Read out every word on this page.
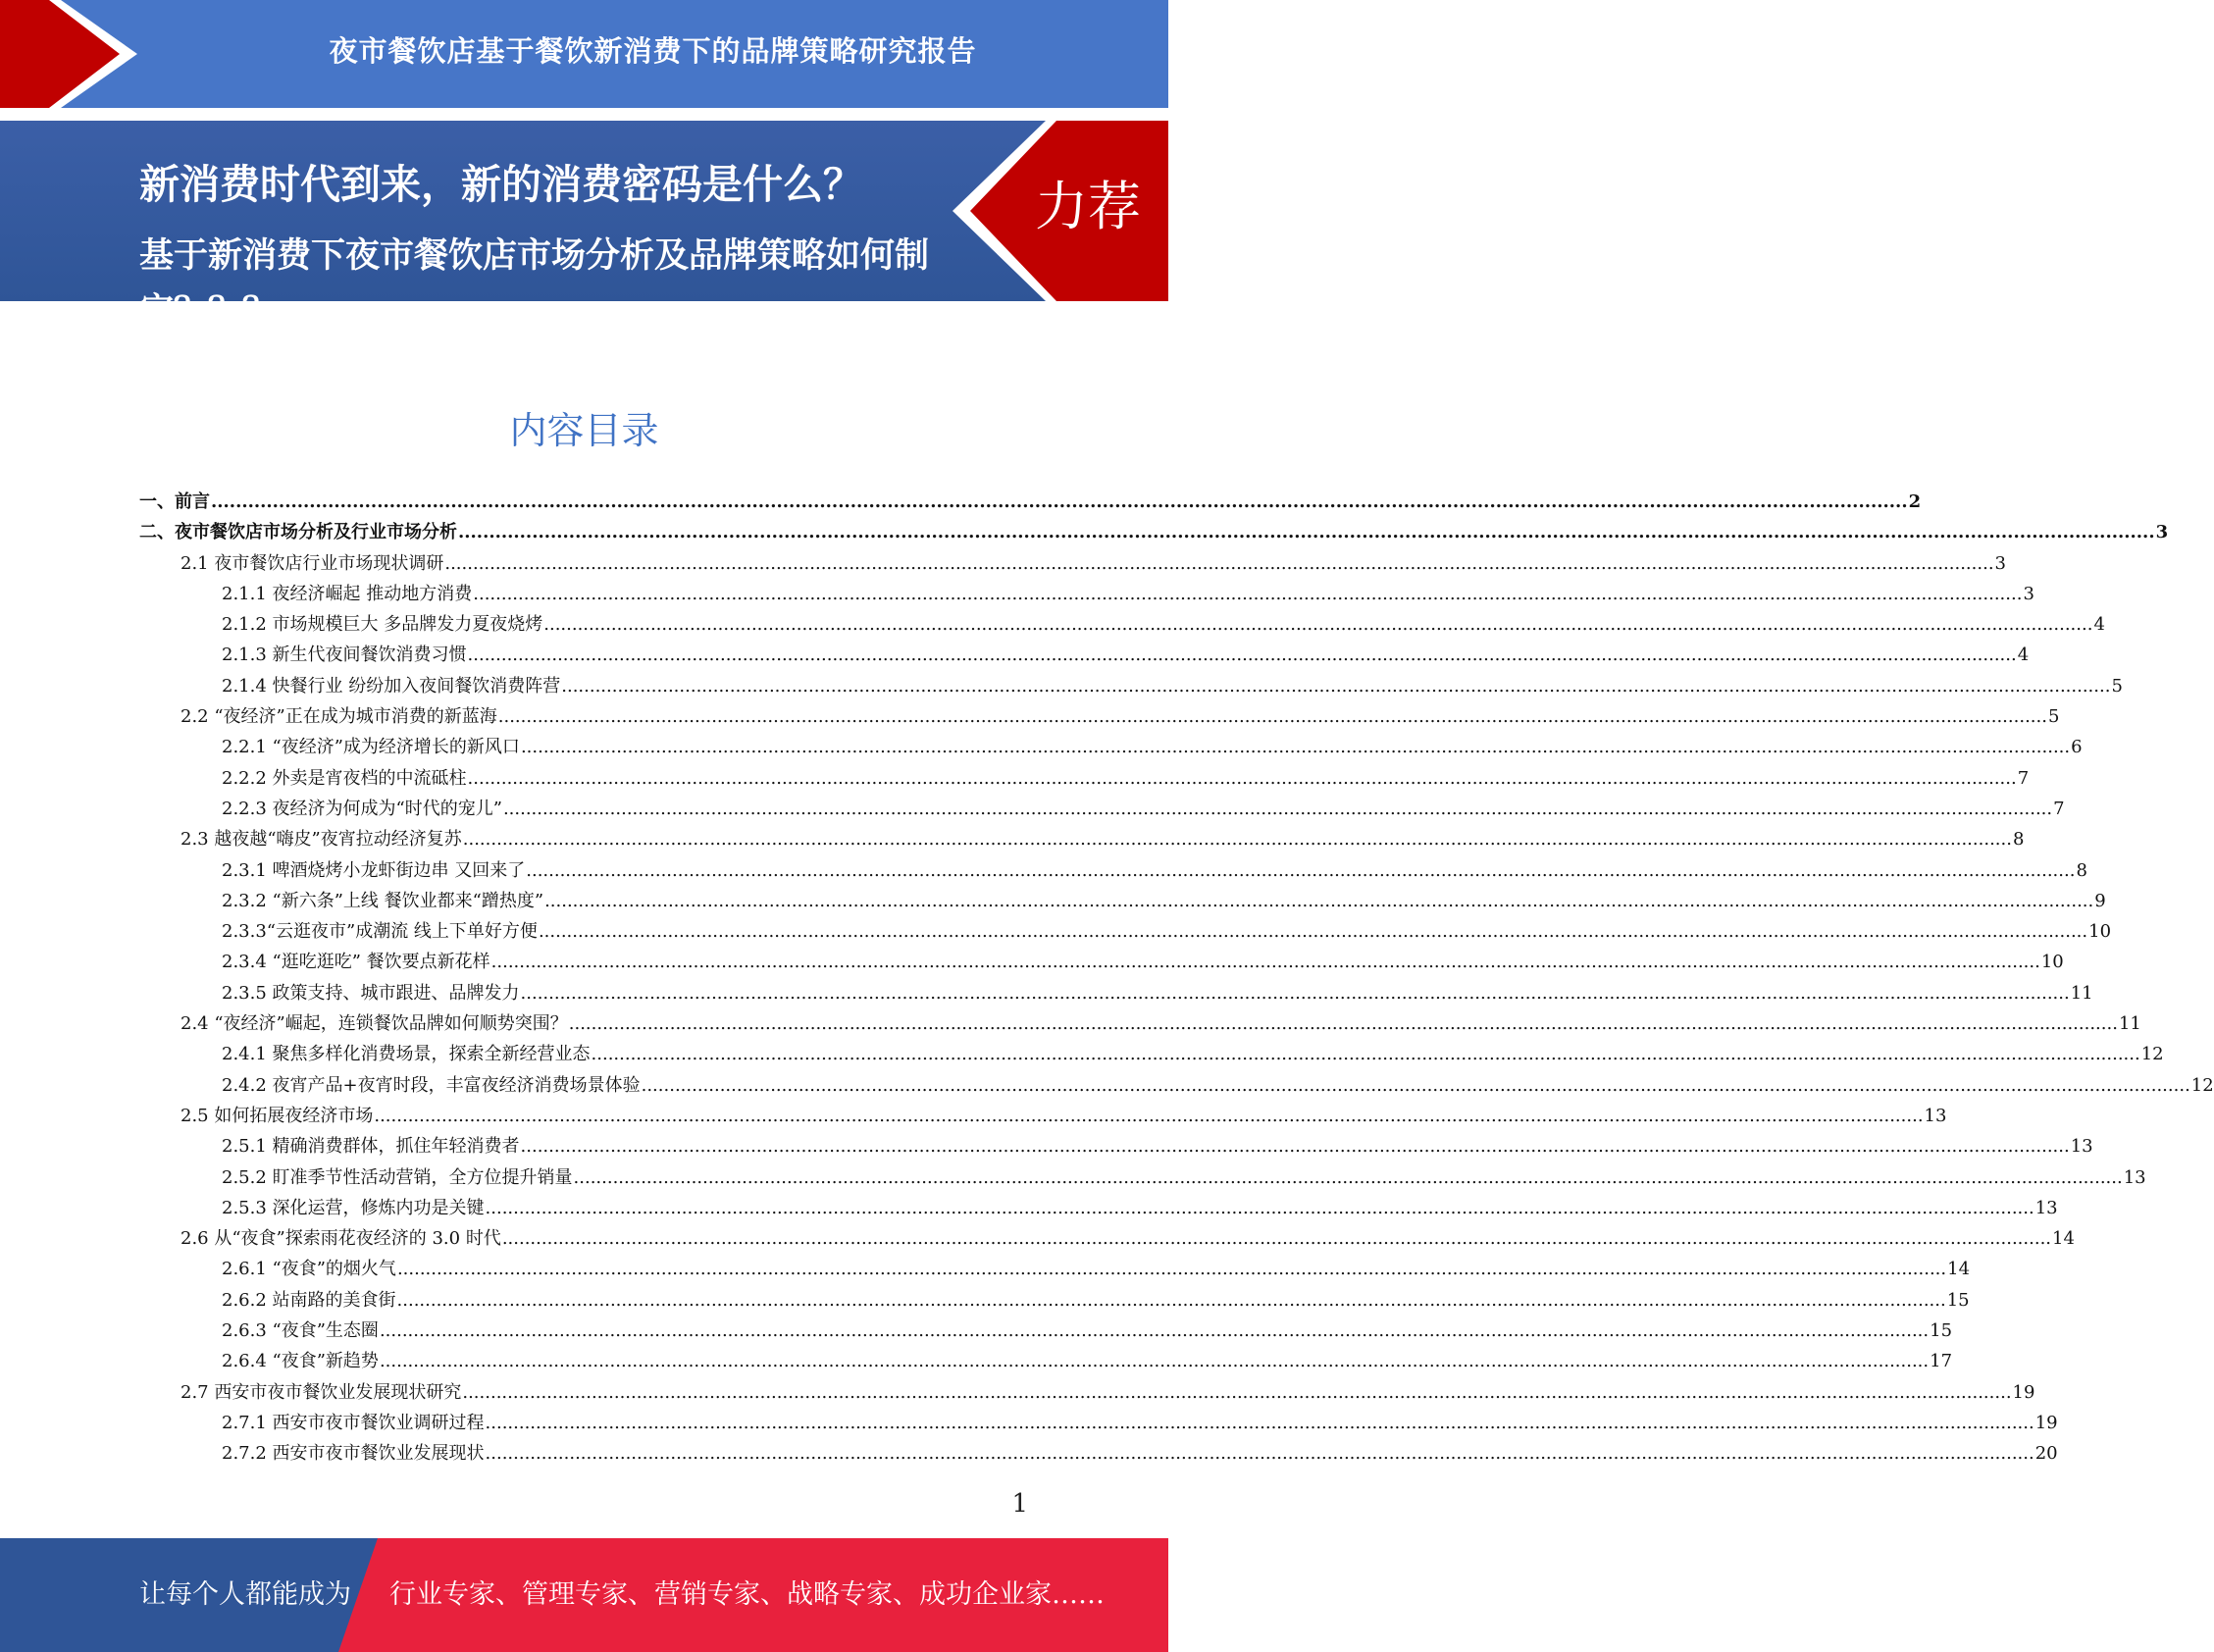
夜市餐饮店基于餐饮新消费下的品牌策略研究报告
新消费时代到来，新的消费密码是什么？
基于新消费下夜市餐饮店市场分析及品牌策略如何制定？？？
力荐
内容目录
一、前言 .....	2
二、夜市餐饮店市场分析及行业市场分析 .....	3
2.1 夜市餐饮店行业市场现状调研 .....	3
2.1.1 夜经济崛起 推动地方消费 .....	3
2.1.2 市场规模巨大 多品牌发力夏夜烧烤 .....	4
2.1.3 新生代夜间餐饮消费习惯 .....	4
2.1.4 快餐行业 纷纷加入夜间餐饮消费阵营 .....	5
2.2 “夜经济”正在成为城市消费的新蓝海 .....	5
2.2.1 “夜经济”成为经济增长的新风口 .....	6
2.2.2 外卖是宵夜档的中流砥柱 .....	7
2.2.3 夜经济为何成为“时代的宠儿” .....	7
2.3 越夜越“嗨皮”夜宵拉动经济复苏 .....	8
2.3.1 啤酒烧烤小龙虾街边串 又回来了 .....	8
2.3.2 “新六条”上线 餐饮业都来“蹭热度” .....	9
2.3.3“云逛夜市”成潮流 线上下单好方便 .....	10
2.3.4 “逛吃逛吃” 餐饮要点新花样 .....	10
2.3.5 政策支持、城市跟进、品牌发力 .....	11
2.4 “夜经济”崛起，连锁餐饮品牌如何顺势突围？ .....	11
2.4.1 聚焦多样化消费场景，探索全新经营业态 .....	12
2.4.2 夜宵产品+夜宵时段，丰富夜经济消费场景体验 .....	12
2.5 如何拓展夜经济市场 .....	13
2.5.1 精确消费群体，抓住年轻消费者 .....	13
2.5.2 盯准季节性活动营销，全方位提升销量 .....	13
2.5.3 深化运营，修炼内功是关键 .....	13
2.6 从“夜食”探索雨花夜经济的 3.0 时代 .....	14
2.6.1 “夜食”的烟火气 .....	14
2.6.2 站南路的美食街 .....	15
2.6.3 “夜食”生态圈 .....	15
2.6.4 “夜食”新趋势 .....	17
2.7 西安市夜市餐饮业发展现状研究 .....	19
2.7.1 西安市夜市餐饮业调研过程 .....	19
2.7.2 西安市夜市餐饮业发展现状 .....	20
1
让每个人都能成为 行业专家、管理专家、营销专家、战略专家、成功企业家……
